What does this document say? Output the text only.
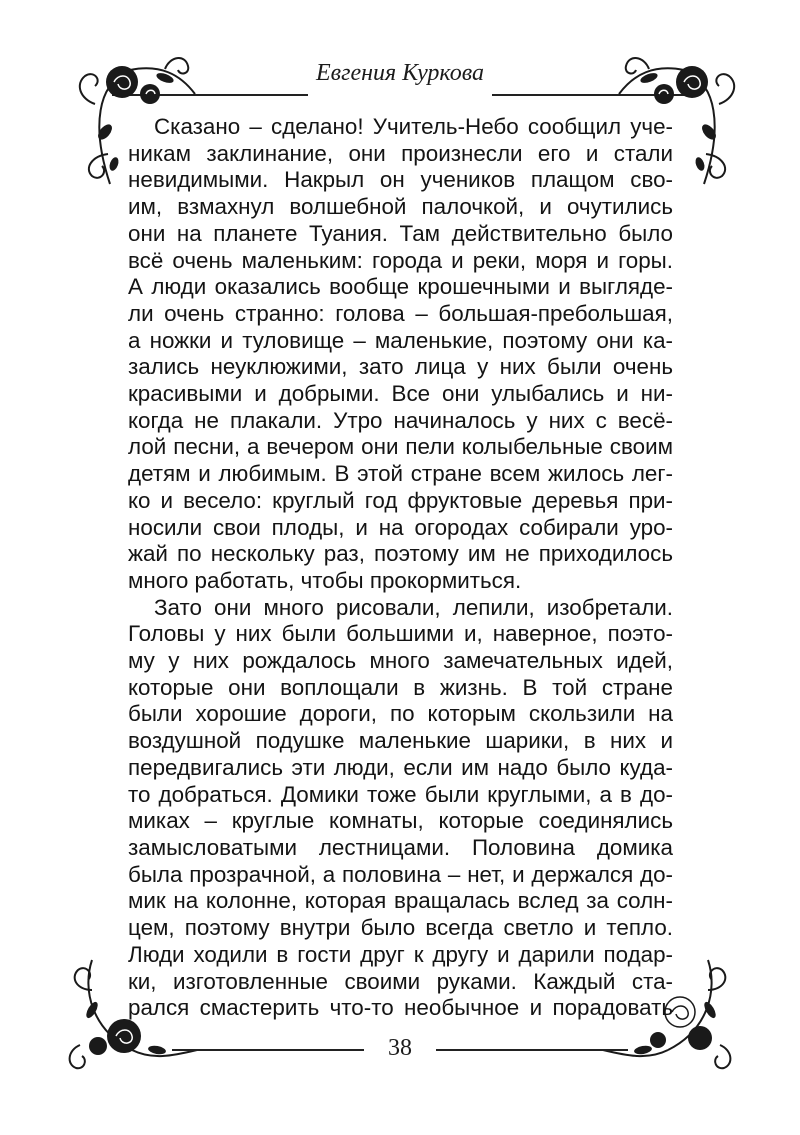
Евгения Куркова
Сказано – сделано! Учитель-Небо сообщил уче-
никам заклинание, они произнесли его и стали
невидимыми. Накрыл он учеников плащом сво-
им, взмахнул волшебной палочкой, и очутились
они на планете Туания. Там действительно было
всё очень маленьким: города и реки, моря и горы.
А люди оказались вообще крошечными и выгляде-
ли очень странно: голова – большая-пребольшая,
а ножки и туловище – маленькие, поэтому они ка-
зались неуклюжими, зато лица у них были очень
красивыми и добрыми. Все они улыбались и ни-
когда не плакали. Утро начиналось у них с весё-
лой песни, а вечером они пели колыбельные своим
детям и любимым. В этой стране всем жилось лег-
ко и весело: круглый год фруктовые деревья при-
носили свои плоды, и на огородах собирали уро-
жай по нескольку раз, поэтому им не приходилось
много работать, чтобы прокормиться.
Зато они много рисовали, лепили, изобретали.
Головы у них были большими и, наверное, поэто-
му у них рождалось много замечательных идей,
которые они воплощали в жизнь. В той стране
были хорошие дороги, по которым скользили на
воздушной подушке маленькие шарики, в них и
передвигались эти люди, если им надо было куда-
то добраться. Домики тоже были круглыми, а в до-
миках – круглые комнаты, которые соединялись
замысловатыми лестницами. Половина домика
была прозрачной, а половина – нет, и держался до-
мик на колонне, которая вращалась вслед за солн-
цем, поэтому внутри было всегда светло и тепло.
Люди ходили в гости друг к другу и дарили подар-
ки, изготовленные своими руками. Каждый ста-
рался смастерить что-то необычное и порадовать
38
